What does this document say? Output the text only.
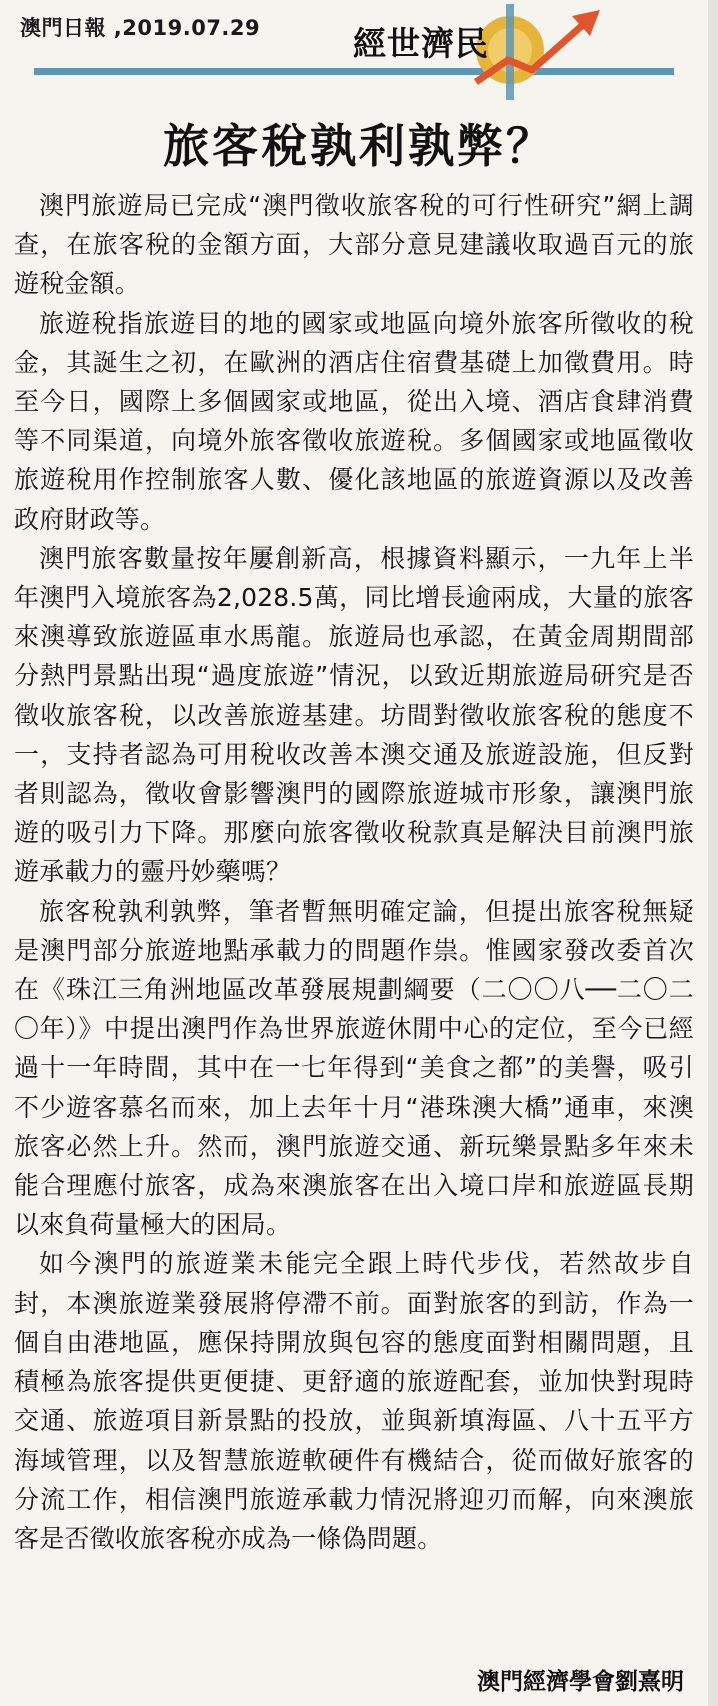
澳門日報 ,2019.07.29	經世濟民
旅客稅孰利孰弊？

澳門旅遊局已完成“澳門徵收旅客稅的可行性研究”網上調查，在旅客稅的金額方面，大部分意見建議收取過百元的旅遊稅金額。

旅遊稅指旅遊目的地的國家或地區向境外旅客所徵收的稅金，其誕生之初，在歐洲的酒店住宿費基礎上加徵費用。時至今日，國際上多個國家或地區，從出入境、酒店食肆消費等不同渠道，向境外旅客徵收旅遊稅。多個國家或地區徵收旅遊稅用作控制旅客人數、優化該地區的旅遊資源以及改善政府財政等。

澳門旅客數量按年屢創新高，根據資料顯示，一九年上半年澳門入境旅客為2,028.5萬，同比增長逾兩成，大量的旅客來澳導致旅遊區車水馬龍。旅遊局也承認，在黃金周期間部分熱門景點出現“過度旅遊”情況，以致近期旅遊局研究是否徵收旅客稅，以改善旅遊基建。坊間對徵收旅客稅的態度不一，支持者認為可用稅收改善本澳交通及旅遊設施，但反對者則認為，徵收會影響澳門的國際旅遊城市形象，讓澳門旅遊的吸引力下降。那麼向旅客徵收稅款真是解決目前澳門旅遊承載力的靈丹妙藥嗎？

旅客稅孰利孰弊，筆者暫無明確定論，但提出旅客稅無疑是澳門部分旅遊地點承載力的問題作祟。惟國家發改委首次在《珠江三角洲地區改革發展規劃綱要（二〇〇八──二〇二〇年）》中提出澳門作為世界旅遊休閒中心的定位，至今已經過十一年時間，其中在一七年得到“美食之都”的美譽，吸引不少遊客慕名而來，加上去年十月“港珠澳大橋”通車，來澳旅客必然上升。然而，澳門旅遊交通、新玩樂景點多年來未能合理應付旅客，成為來澳旅客在出入境口岸和旅遊區長期以來負荷量極大的困局。

如今澳門的旅遊業未能完全跟上時代步伐，若然故步自封，本澳旅遊業發展將停滯不前。面對旅客的到訪，作為一個自由港地區，應保持開放與包容的態度面對相關問題，且積極為旅客提供更便捷、更舒適的旅遊配套，並加快對現時交通、旅遊項目新景點的投放，並與新填海區、八十五平方海域管理，以及智慧旅遊軟硬件有機結合，從而做好旅客的分流工作，相信澳門旅遊承載力情況將迎刃而解，向來澳旅客是否徵收旅客稅亦成為一條偽問題。

澳門經濟學會劉熹明
